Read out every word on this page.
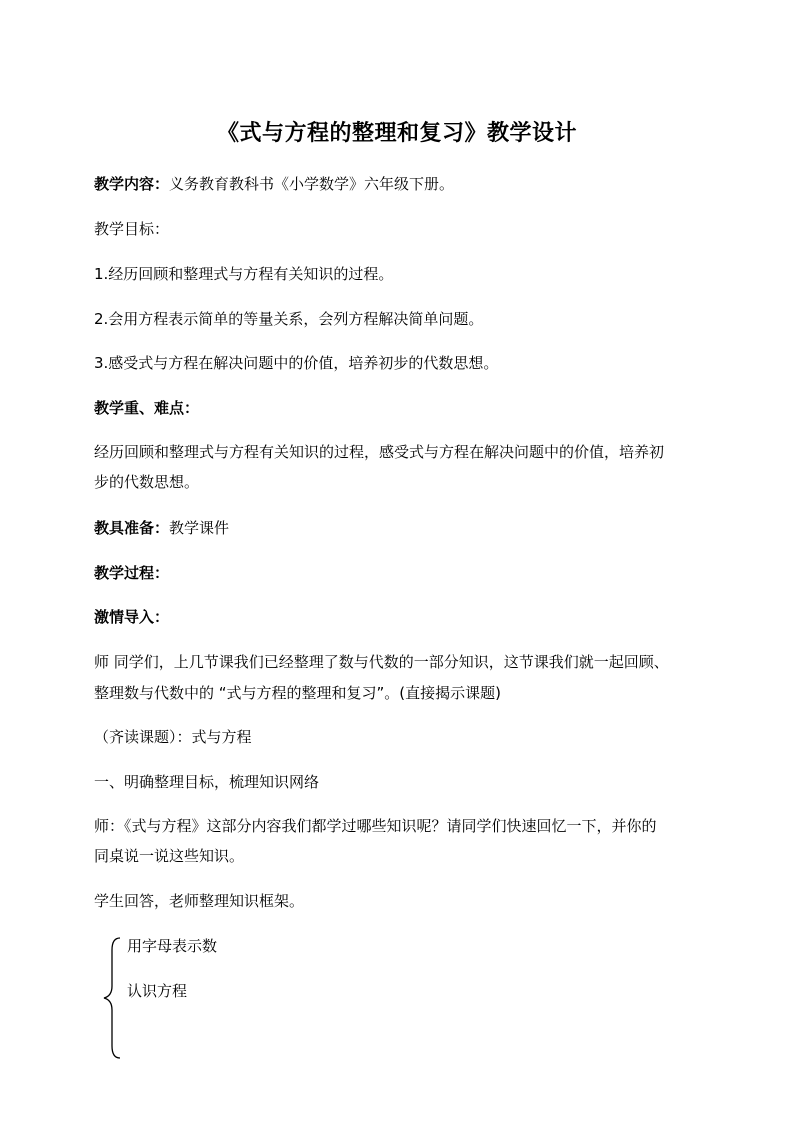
《式与方程的整理和复习》教学设计
教学内容：义务教育教科书《小学数学》六年级下册。
教学目标：
1.经历回顾和整理式与方程有关知识的过程。
2.会用方程表示简单的等量关系，会列方程解决简单问题。
3.感受式与方程在解决问题中的价值，培养初步的代数思想。
教学重、难点：
经历回顾和整理式与方程有关知识的过程，感受式与方程在解决问题中的价值，培养初
步的代数思想。
教具准备：教学课件
教学过程：
激情导入：
师 同学们，上几节课我们已经整理了数与代数的一部分知识，这节课我们就一起回顾、
整理数与代数中的 “式与方程的整理和复习”。(直接揭示课题)
（齐读课题）：式与方程
一、明确整理目标，梳理知识网络
师：《式与方程》这部分内容我们都学过哪些知识呢？请同学们快速回忆一下，并你的
同桌说一说这些知识。
学生回答，老师整理知识框架。
用字母表示数
认识方程
